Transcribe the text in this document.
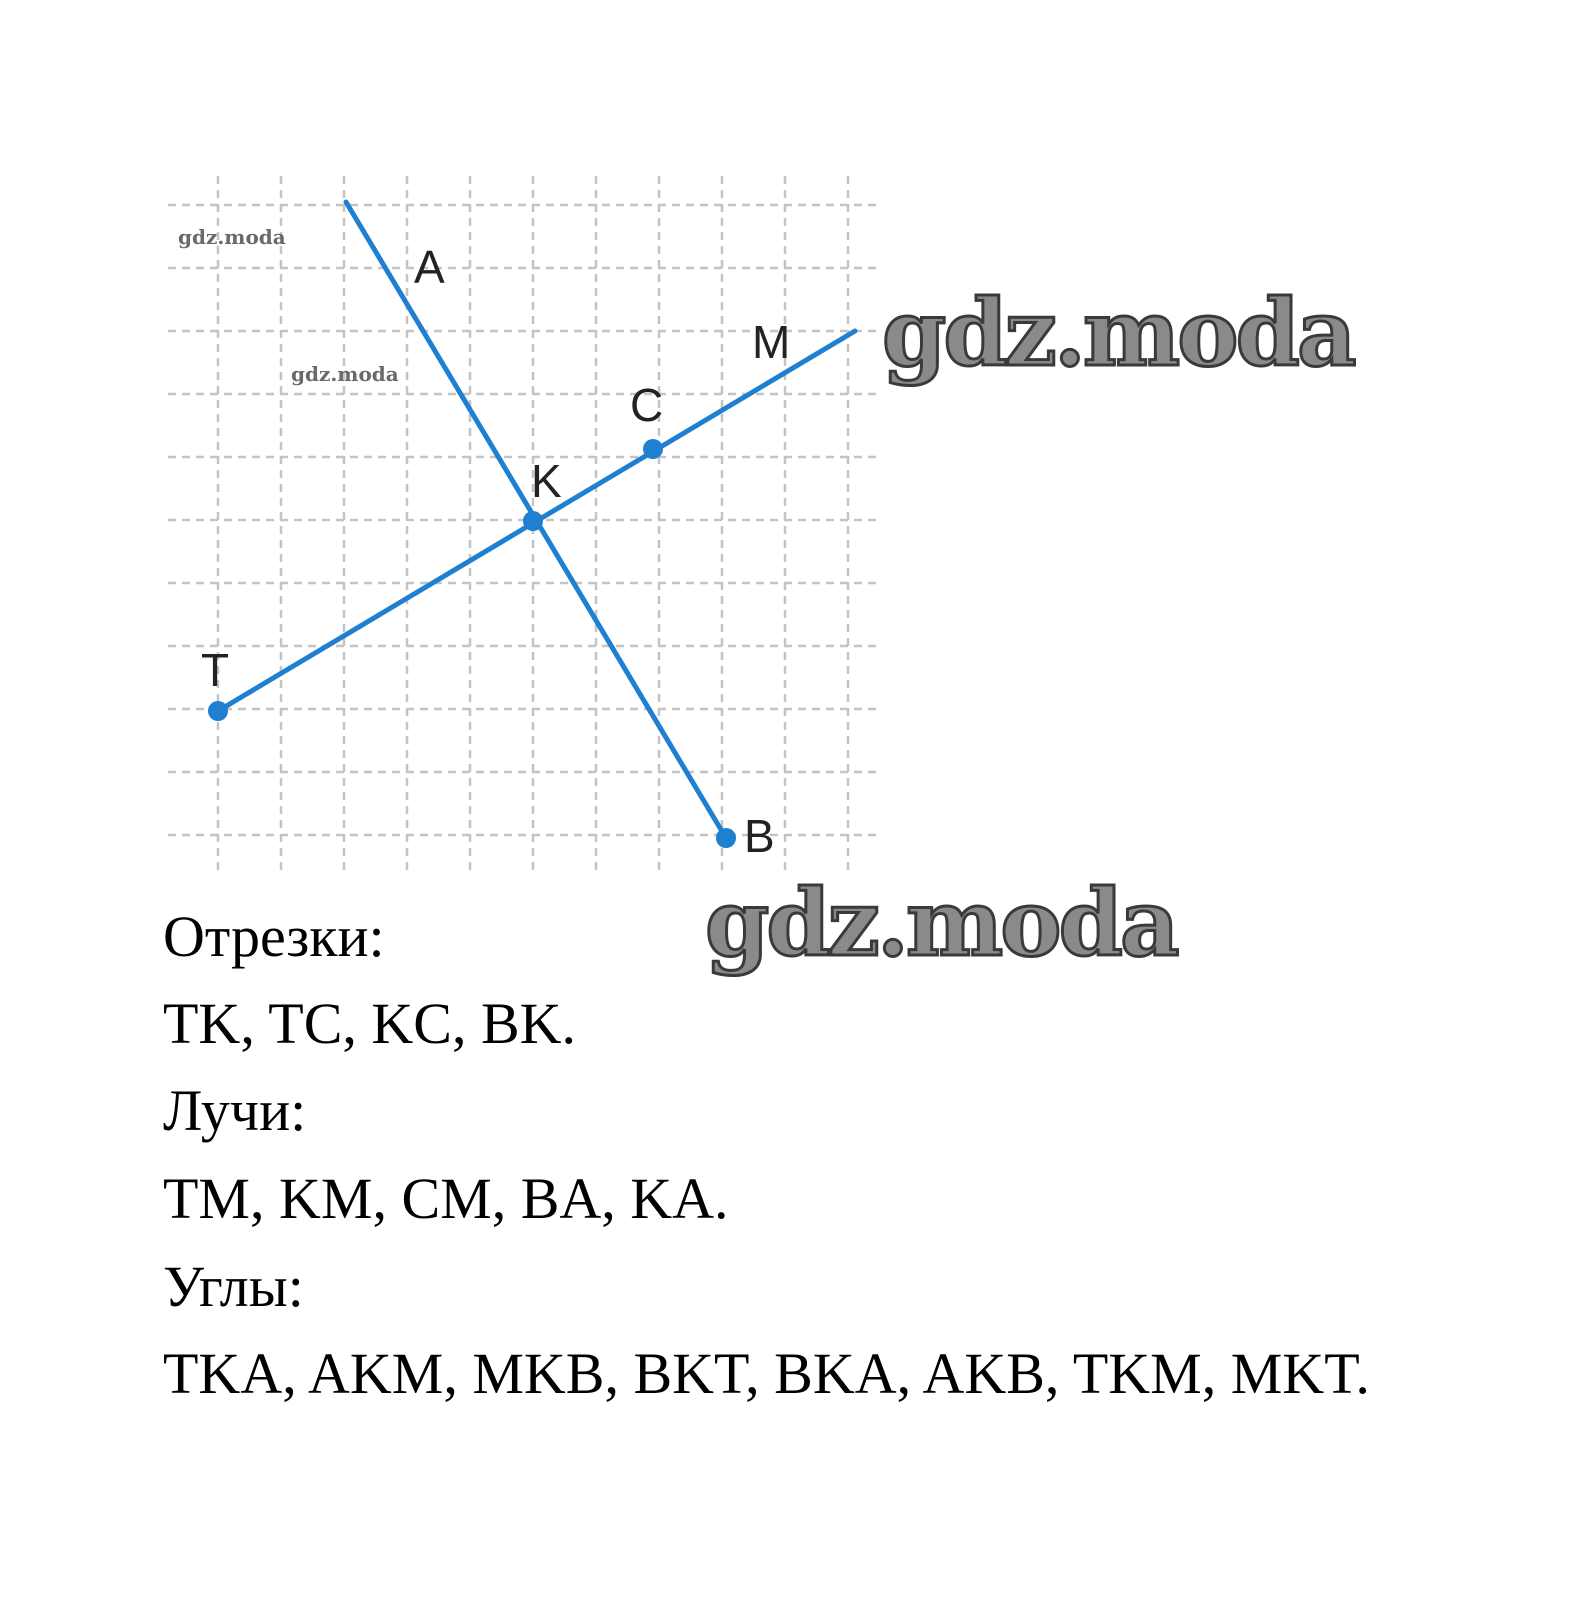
A
M
C
K
T
B
gdz.moda
gdz.moda	gdz.moda
gdz.moda
Отрезки:
TK, TC, KC, BK.
Лучи:
TM, KM, CM, BA, KA.
Углы:
TKA, AKM, MKB, BKT, BKA, AKB, TKM, MKT.
